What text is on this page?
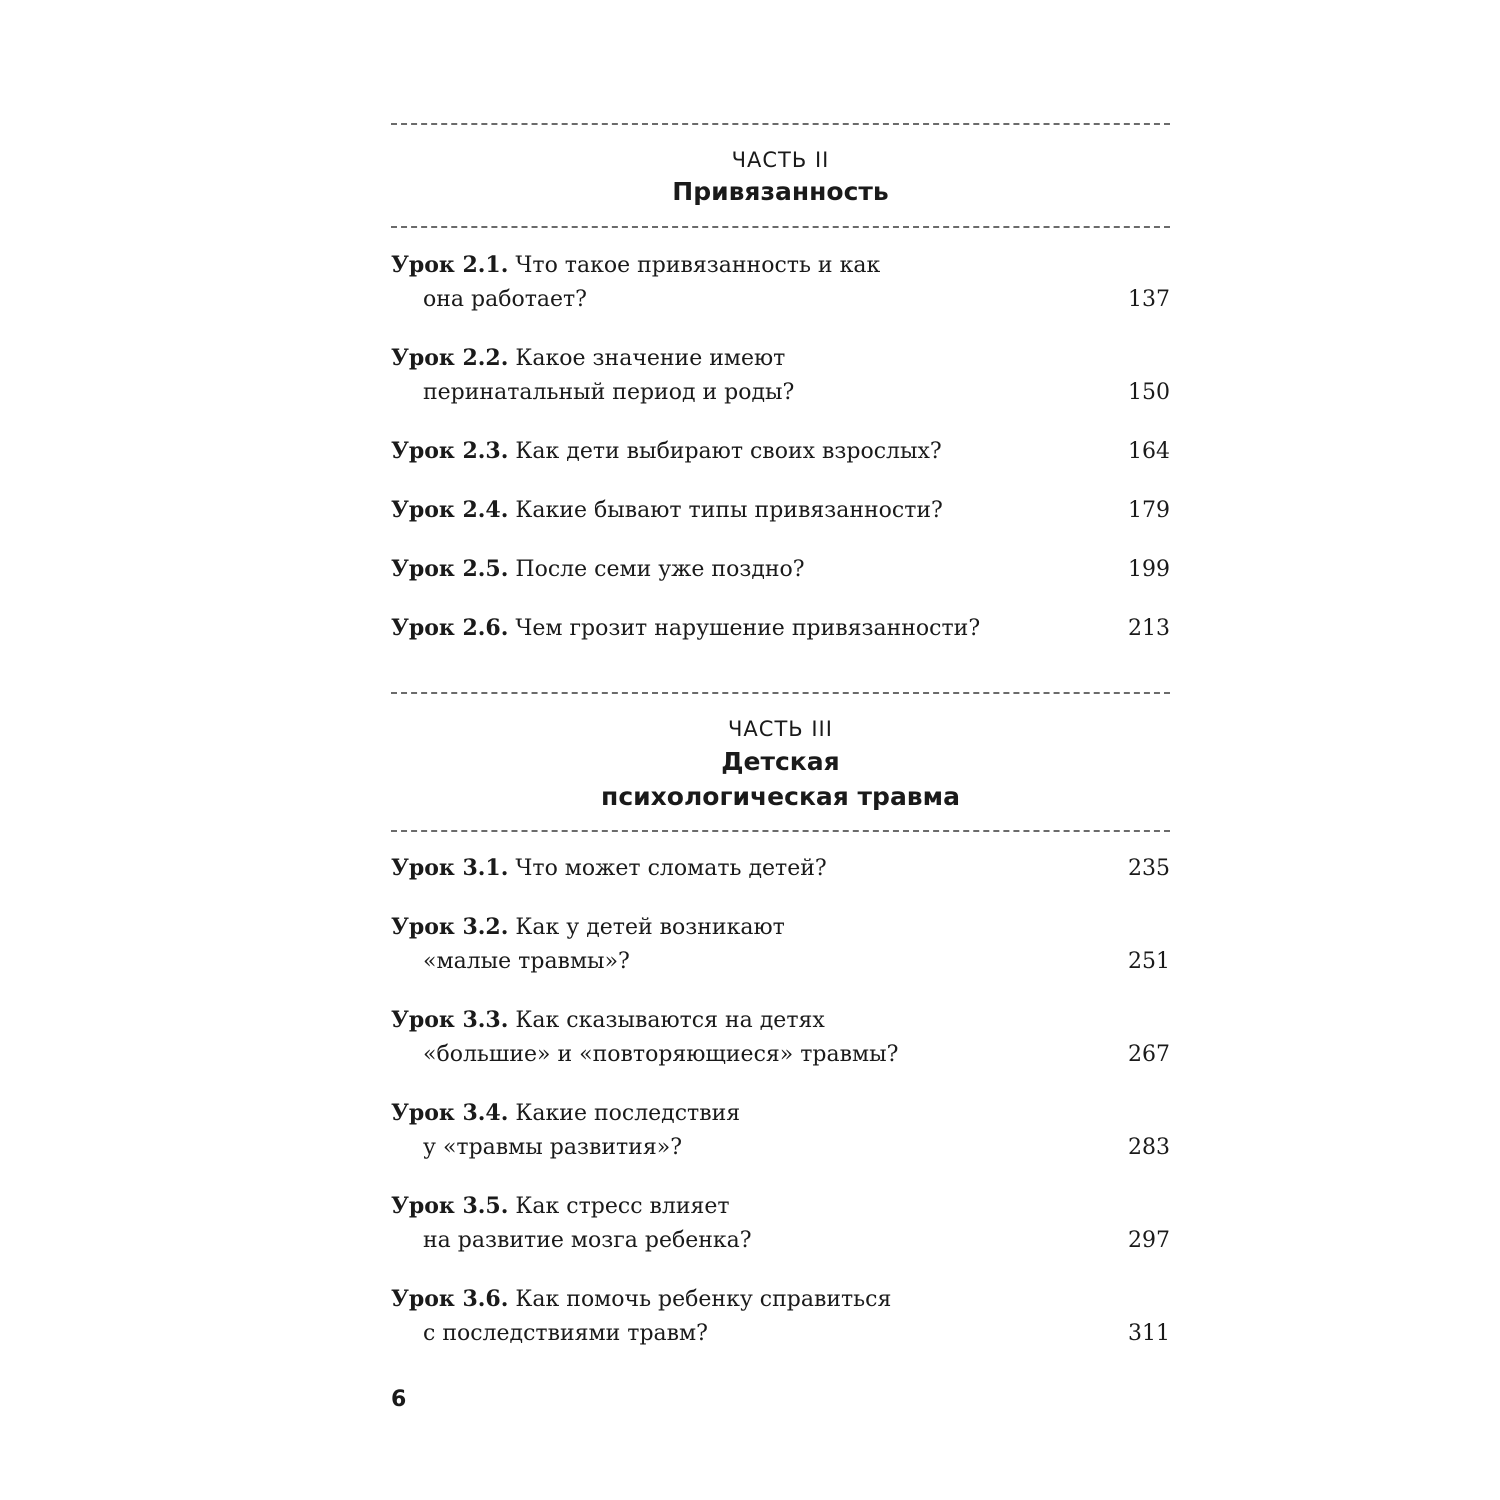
ЧАСТЬ II
Привязанность
Урок 2.1. Что такое привязанность и как
она работает?	137
Урок 2.2. Какое значение имеют
перинатальный период и роды?	150
Урок 2.3. Как дети выбирают своих взрослых?	164
Урок 2.4. Какие бывают типы привязанности?	179
Урок 2.5. После семи уже поздно?	199
Урок 2.6. Чем грозит нарушение привязанности?	213
ЧАСТЬ III
Детская
психологическая травма
Урок 3.1. Что может сломать детей?	235
Урок 3.2. Как у детей возникают
«малые травмы»?	251
Урок 3.3. Как сказываются на детях
«большие» и «повторяющиеся» травмы?	267
Урок 3.4. Какие последствия
у «травмы развития»?	283
Урок 3.5. Как стресс влияет
на развитие мозга ребенка?	297
Урок 3.6. Как помочь ребенку справиться
с последствиями травм?	311
6
